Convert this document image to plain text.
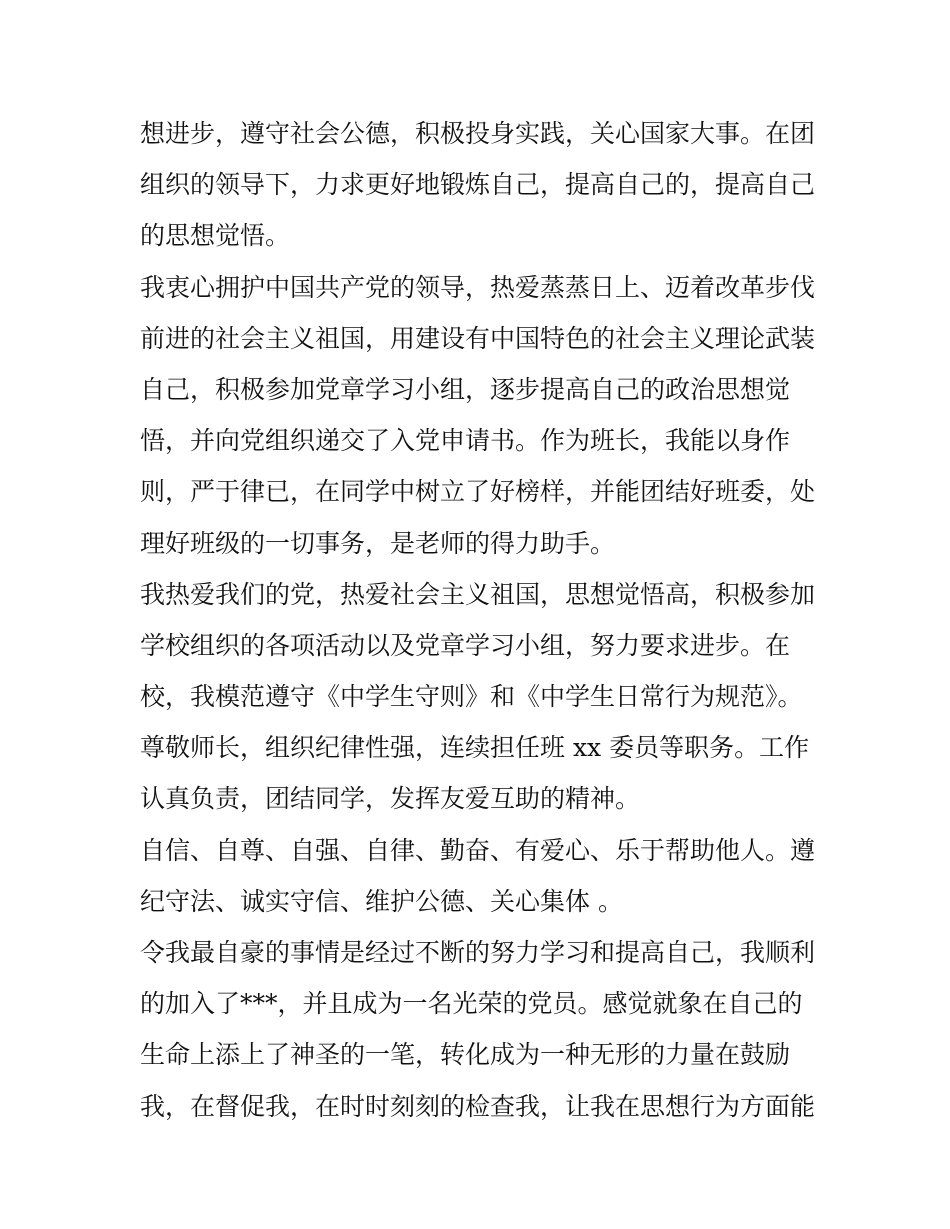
想进步，遵守社会公德，积极投身实践，关心国家大事。在团
组织的领导下，力求更好地锻炼自己，提高自己的，提高自己
的思想觉悟。
我衷心拥护中国共产党的领导，热爱蒸蒸日上、迈着改革步伐
前进的社会主义祖国，用建设有中国特色的社会主义理论武装
自己，积极参加党章学习小组，逐步提高自己的政治思想觉
悟，并向党组织递交了入党申请书。作为班长，我能以身作
则，严于律已，在同学中树立了好榜样，并能团结好班委，处
理好班级的一切事务，是老师的得力助手。
我热爱我们的党，热爱社会主义祖国，思想觉悟高，积极参加
学校组织的各项活动以及党章学习小组，努力要求进步。在
校，我模范遵守《中学生守则》和《中学生日常行为规范》。
尊敬师长，组织纪律性强，连续担任班 xx 委员等职务。工作
认真负责，团结同学，发挥友爱互助的精神。
自信、自尊、自强、自律、勤奋、有爱心、乐于帮助他人。遵
纪守法、诚实守信、维护公德、关心集体 。
令我最自豪的事情是经过不断的努力学习和提高自己，我顺利
的加入了***，并且成为一名光荣的党员。感觉就象在自己的
生命上添上了神圣的一笔，转化成为一种无形的力量在鼓励
我，在督促我，在时时刻刻的检查我，让我在思想行为方面能
